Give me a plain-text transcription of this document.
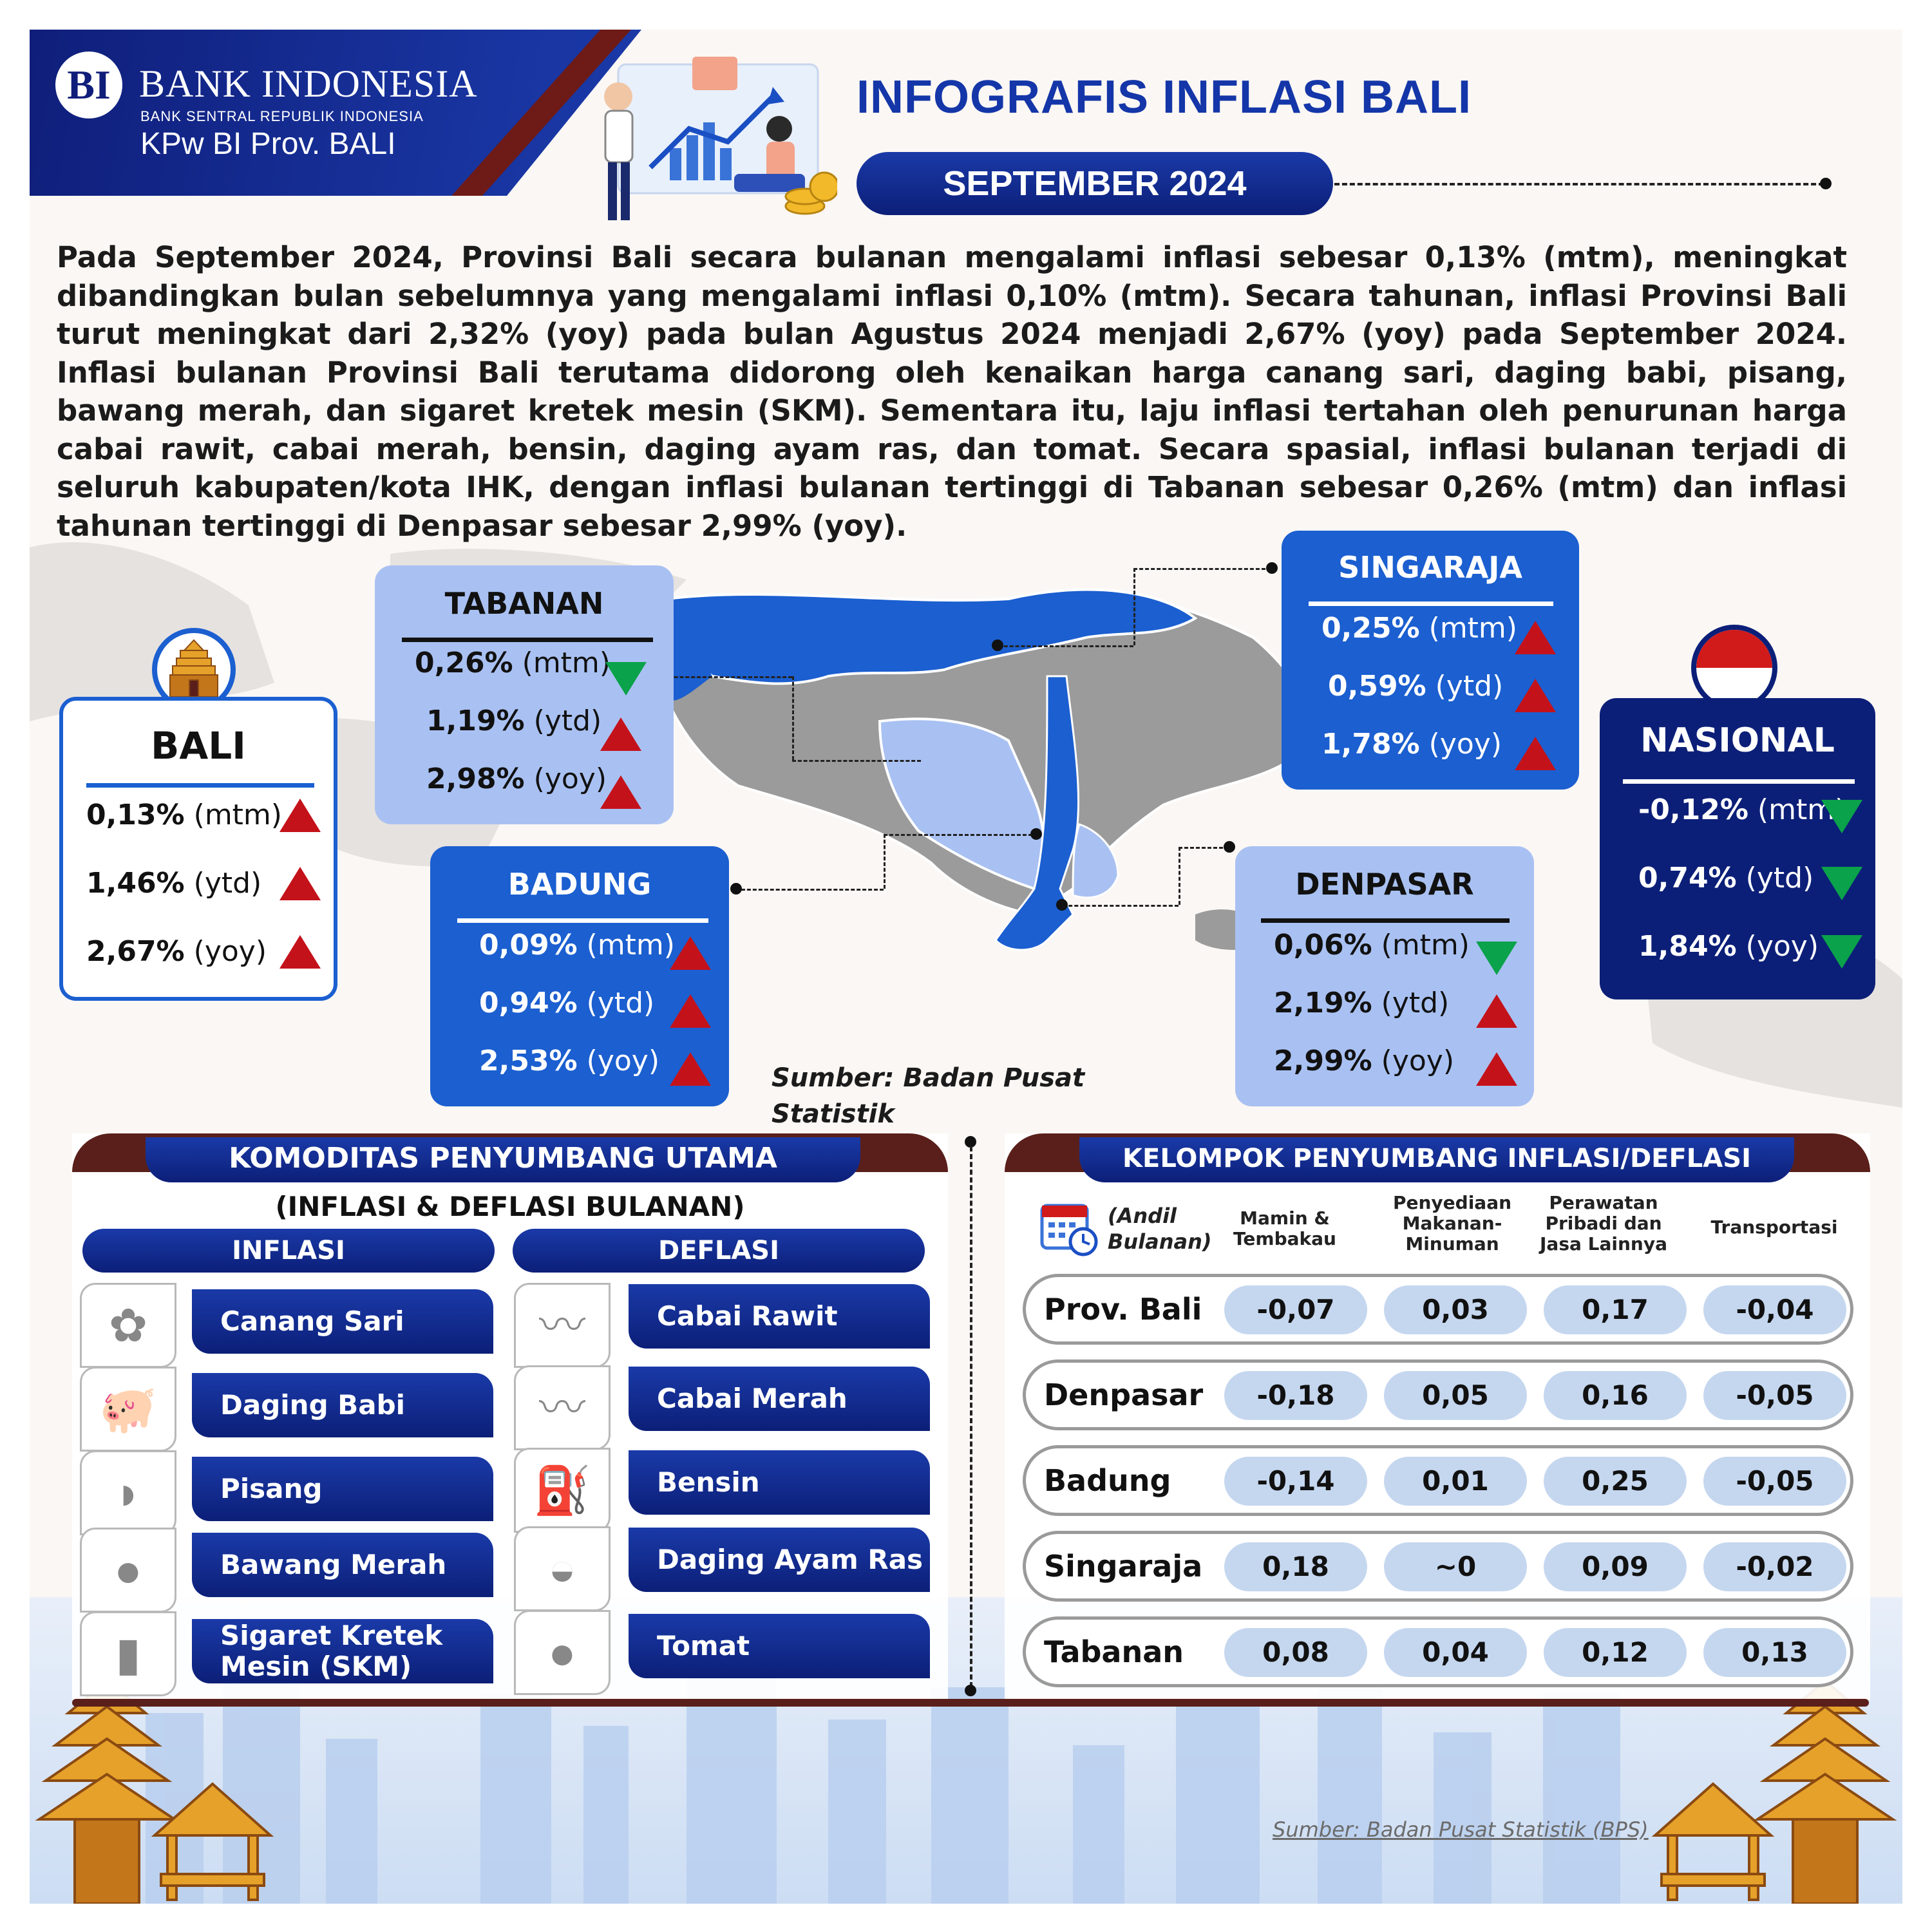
BI BANK INDONESIA
BANK SENTRAL REPUBLIK INDONESIA
KPw BI Prov. BALI
INFOGRAFIS INFLASI BALI
SEPTEMBER 2024
Pada September 2024, Provinsi Bali secara bulanan mengalami inflasi sebesar 0,13% (mtm), meningkat dibandingkan bulan sebelumnya yang mengalami inflasi 0,10% (mtm). Secara tahunan, inflasi Provinsi Bali turut meningkat dari 2,32% (yoy) pada bulan Agustus 2024 menjadi 2,67% (yoy) pada September 2024. Inflasi bulanan Provinsi Bali terutama didorong oleh kenaikan harga canang sari, daging babi, pisang, bawang merah, dan sigaret kretek mesin (SKM). Sementara itu, laju inflasi tertahan oleh penurunan harga cabai rawit, cabai merah, bensin, daging ayam ras, dan tomat. Secara spasial, inflasi bulanan terjadi di seluruh kabupaten/kota IHK, dengan inflasi bulanan tertinggi di Tabanan sebesar 0,26% (mtm) dan inflasi tahunan tertinggi di Denpasar sebesar 2,99% (yoy).
BALI
0,13% (mtm)
1,46% (ytd)
2,67% (yoy)
TABANAN
0,26% (mtm)
1,19% (ytd)
2,98% (yoy)
SINGARAJA
0,25% (mtm)
0,59% (ytd)
1,78% (yoy)	NASIONAL
-0,12% (mtm)
0,74% (ytd)
1,84% (yoy)
BADUNG
0,09% (mtm)
0,94% (ytd)
2,53% (yoy)
DENPASAR
0,06% (mtm)
2,19% (ytd)
2,99% (yoy)
Sumber: Badan Pusat
Statistik
KOMODITAS PENYUMBANG UTAMA
(INFLASI & DEFLASI BULANAN)
INFLASI	DEFLASI
✿	Canang Sari
🐖	Daging Babi
◗	Pisang
●	Bawang Merah
▮	Sigaret Kretek Mesin (SKM)
〰	Cabai Rawit
〰	Cabai Merah
⛽	Bensin
◒	Daging Ayam Ras
●	Tomat
KELOMPOK PENYUMBANG INFLASI/DEFLASI
(Andil Bulanan)
Mamin & Tembakau
Penyediaan Makanan-Minuman
Perawatan Pribadi dan Jasa Lainnya
Transportasi
Prov. Bali	-0,07	0,03	0,17	-0,04
Denpasar	-0,18	0,05	0,16	-0,05
Badung	-0,14	0,01	0,25	-0,05
Singaraja	0,18	~0	0,09	-0,02
Tabanan	0,08	0,04	0,12	0,13
Sumber: Badan Pusat Statistik (BPS)
